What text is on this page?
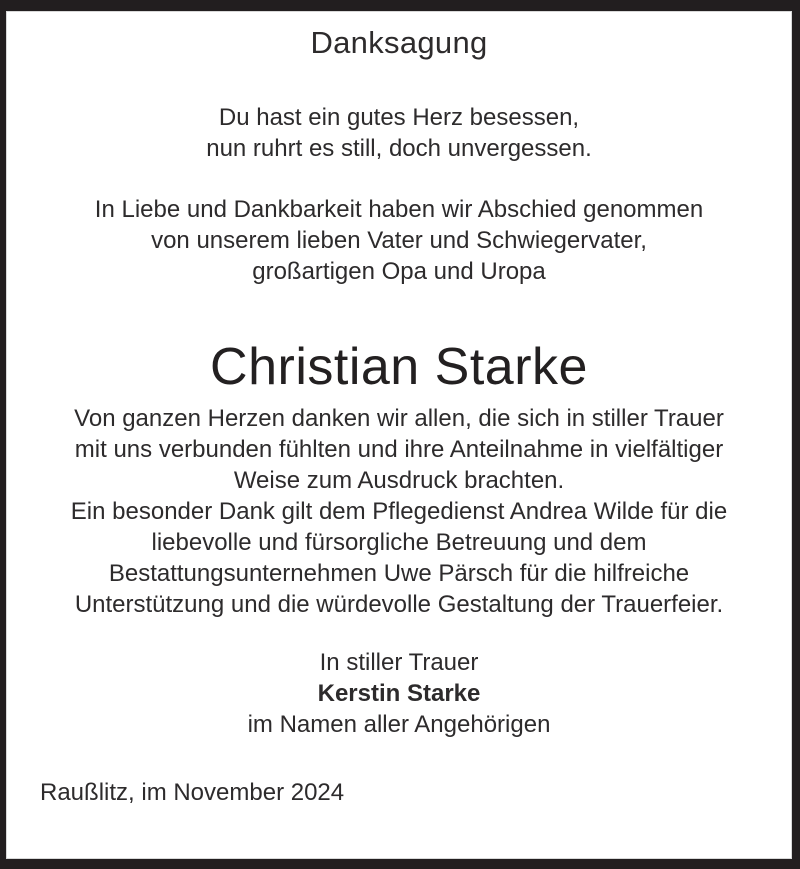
Danksagung
Du hast ein gutes Herz besessen,
nun ruhrt es still, doch unvergessen.
In Liebe und Dankbarkeit haben wir Abschied genommen
von unserem lieben Vater und Schwiegervater,
großartigen Opa und Uropa
Christian Starke
Von ganzen Herzen danken wir allen, die sich in stiller Trauer
mit uns verbunden fühlten und ihre Anteilnahme in vielfältiger
Weise zum Ausdruck brachten.
Ein besonder Dank gilt dem Pflegedienst Andrea Wilde für die
liebevolle und fürsorgliche Betreuung und dem
Bestattungsunternehmen Uwe Pärsch für die hilfreiche
Unterstützung und die würdevolle Gestaltung der Trauerfeier.
In stiller Trauer
Kerstin Starke
im Namen aller Angehörigen
Raußlitz, im November 2024
